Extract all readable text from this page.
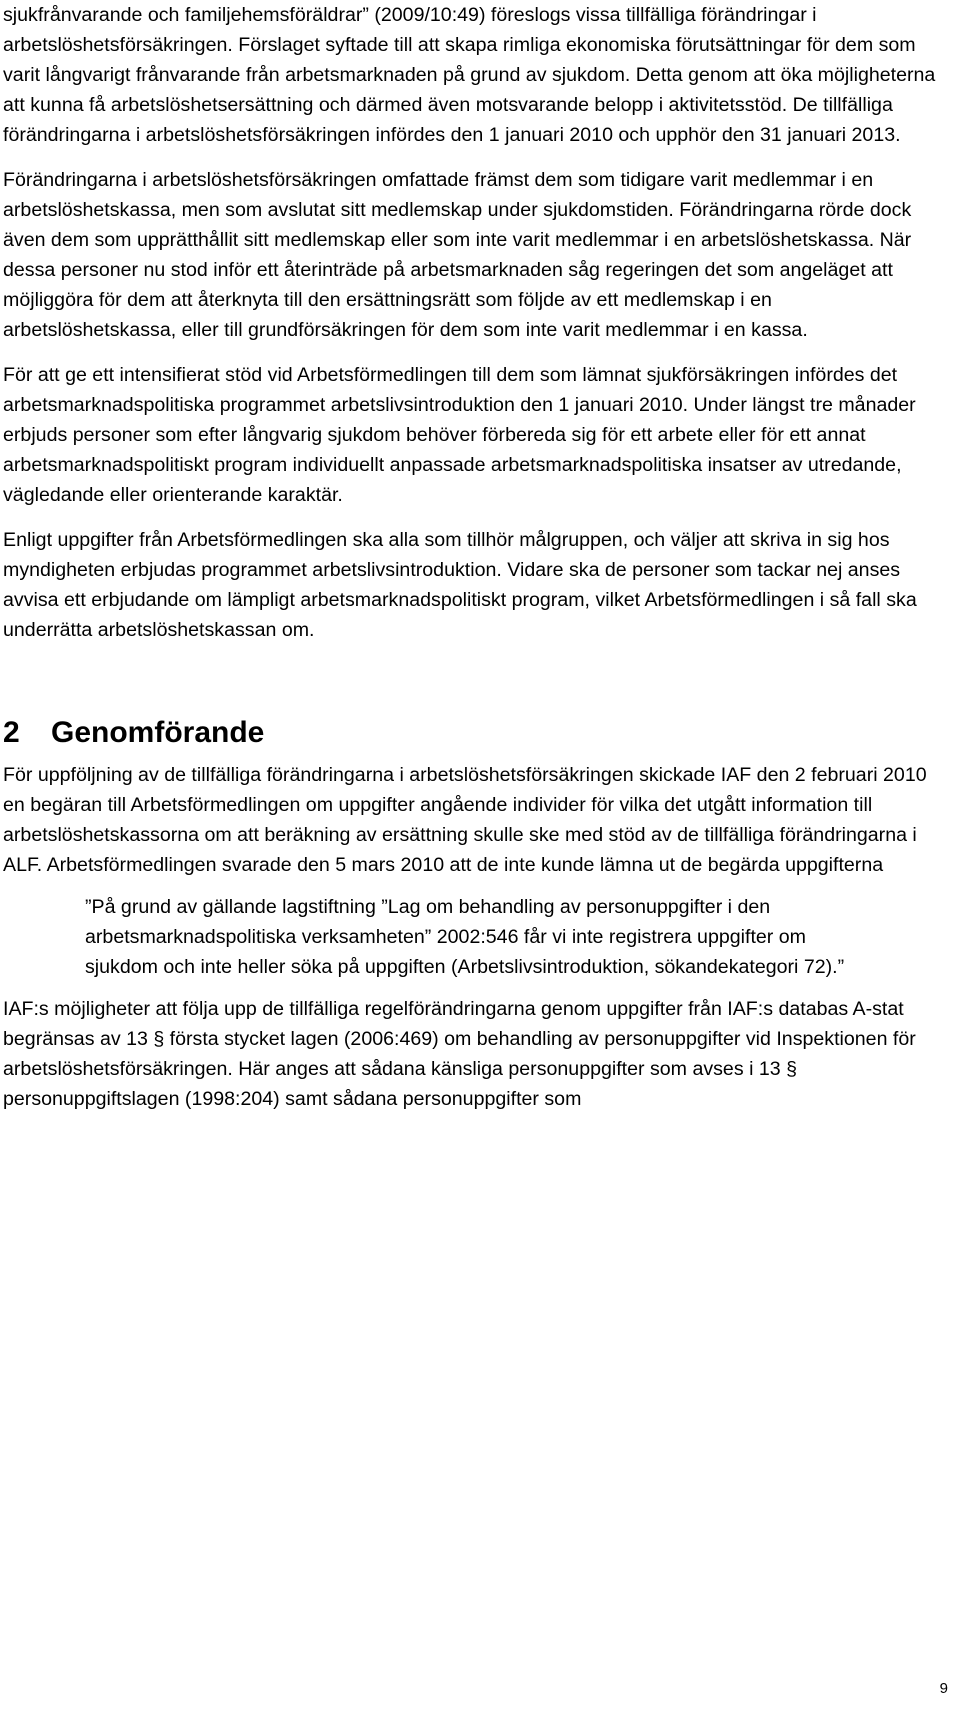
sjukfrånvarande och familjehemsföräldrar” (2009/10:49) föreslogs vissa tillfälliga förändringar i arbetslöshetsförsäkringen. Förslaget syftade till att skapa rimliga ekonomiska förutsättningar för dem som varit långvarigt frånvarande från arbetsmarknaden på grund av sjukdom. Detta genom att öka möjligheterna att kunna få arbetslöshetsersättning och därmed även motsvarande belopp i aktivitetsstöd. De tillfälliga förändringarna i arbetslöshetsförsäkringen infördes den 1 januari 2010 och upphör den 31 januari 2013.

Förändringarna i arbetslöshetsförsäkringen omfattade främst dem som tidigare varit medlemmar i en arbetslöshetskassa, men som avslutat sitt medlemskap under sjukdomstiden. Förändringarna rörde dock även dem som upprätthållit sitt medlemskap eller som inte varit medlemmar i en arbetslöshetskassa. När dessa personer nu stod inför ett återinträde på arbetsmarknaden såg regeringen det som angeläget att möjliggöra för dem att återknyta till den ersättningsrätt som följde av ett medlemskap i en arbetslöshetskassa, eller till grundförsäkringen för dem som inte varit medlemmar i en kassa.

För att ge ett intensifierat stöd vid Arbetsförmedlingen till dem som lämnat sjukförsäkringen infördes det arbetsmarknadspolitiska programmet arbetslivsintroduktion den 1 januari 2010. Under längst tre månader erbjuds personer som efter långvarig sjukdom behöver förbereda sig för ett arbete eller för ett annat arbetsmarknadspolitiskt program individuellt anpassade arbetsmarknadspolitiska insatser av utredande, vägledande eller orienterande karaktär.

Enligt uppgifter från Arbetsförmedlingen ska alla som tillhör målgruppen, och väljer att skriva in sig hos myndigheten erbjudas programmet arbetslivsintroduktion. Vidare ska de personer som tackar nej anses avvisa ett erbjudande om lämpligt arbetsmarknadspolitiskt program, vilket Arbetsförmedlingen i så fall ska underrätta arbetslöshetskassan om.

2 Genomförande

För uppföljning av de tillfälliga förändringarna i arbetslöshetsförsäkringen skickade IAF den 2 februari 2010 en begäran till Arbetsförmedlingen om uppgifter angående individer för vilka det utgått information till arbetslöshetskassorna om att beräkning av ersättning skulle ske med stöd av de tillfälliga förändringarna i ALF. Arbetsförmedlingen svarade den 5 mars 2010 att de inte kunde lämna ut de begärda uppgifterna

”På grund av gällande lagstiftning ”Lag om behandling av personuppgifter i den arbetsmarknadspolitiska verksamheten” 2002:546 får vi inte registrera uppgifter om sjukdom och inte heller söka på uppgiften (Arbetslivsintroduktion, sökandekategori 72).”

IAF:s möjligheter att följa upp de tillfälliga regelförändringarna genom uppgifter från IAF:s databas A-stat begränsas av 13 § första stycket lagen (2006:469) om behandling av personuppgifter vid Inspektionen för arbetslöshetsförsäkringen. Här anges att sådana känsliga personuppgifter som avses i 13 § personuppgiftslagen (1998:204) samt sådana personuppgifter som

9
